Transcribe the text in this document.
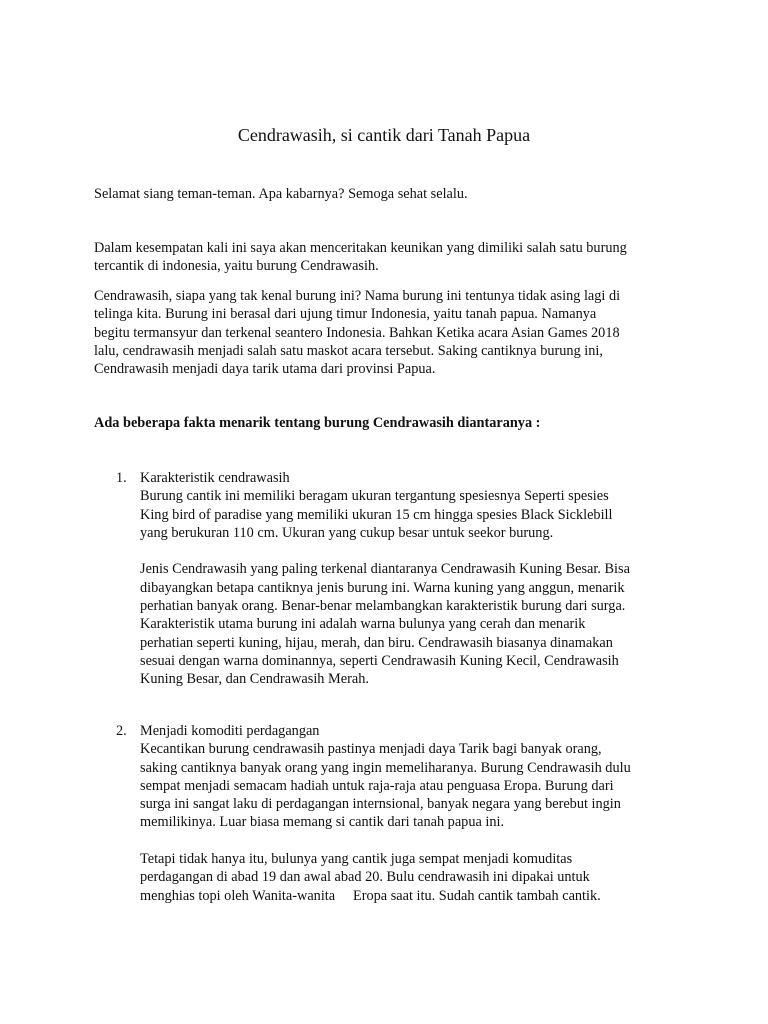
Cendrawasih, si cantik dari Tanah Papua

Selamat siang teman-teman. Apa kabarnya? Semoga sehat selalu.

Dalam kesempatan kali ini saya akan menceritakan keunikan yang dimiliki salah satu burung
tercantik di indonesia, yaitu burung Cendrawasih.

Cendrawasih, siapa yang tak kenal burung ini? Nama burung ini tentunya tidak asing lagi di
telinga kita. Burung ini berasal dari ujung timur Indonesia, yaitu tanah papua. Namanya
begitu termansyur dan terkenal seantero Indonesia. Bahkan Ketika acara Asian Games 2018
lalu, cendrawasih menjadi salah satu maskot acara tersebut. Saking cantiknya burung ini,
Cendrawasih menjadi daya tarik utama dari provinsi Papua.

Ada beberapa fakta menarik tentang burung Cendrawasih diantaranya :

1. Karakteristik cendrawasih
Burung cantik ini memiliki beragam ukuran tergantung spesiesnya Seperti spesies
King bird of paradise yang memiliki ukuran 15 cm hingga spesies Black Sicklebill
yang berukuran 110 cm. Ukuran yang cukup besar untuk seekor burung.
Jenis Cendrawasih yang paling terkenal diantaranya Cendrawasih Kuning Besar. Bisa
dibayangkan betapa cantiknya jenis burung ini. Warna kuning yang anggun, menarik
perhatian banyak orang. Benar-benar melambangkan karakteristik burung dari surga.
Karakteristik utama burung ini adalah warna bulunya yang cerah dan menarik
perhatian seperti kuning, hijau, merah, dan biru. Cendrawasih biasanya dinamakan
sesuai dengan warna dominannya, seperti Cendrawasih Kuning Kecil, Cendrawasih
Kuning Besar, dan Cendrawasih Merah.
2. Menjadi komoditi perdagangan
Kecantikan burung cendrawasih pastinya menjadi daya Tarik bagi banyak orang,
saking cantiknya banyak orang yang ingin memeliharanya. Burung Cendrawasih dulu
sempat menjadi semacam hadiah untuk raja-raja atau penguasa Eropa. Burung dari
surga ini sangat laku di perdagangan internsional, banyak negara yang berebut ingin
memilikinya. Luar biasa memang si cantik dari tanah papua ini.
Tetapi tidak hanya itu, bulunya yang cantik juga sempat menjadi komuditas
perdagangan di abad 19 dan awal abad 20. Bulu cendrawasih ini dipakai untuk
menghias topi oleh Wanita-wanita     Eropa saat itu. Sudah cantik tambah cantik.
